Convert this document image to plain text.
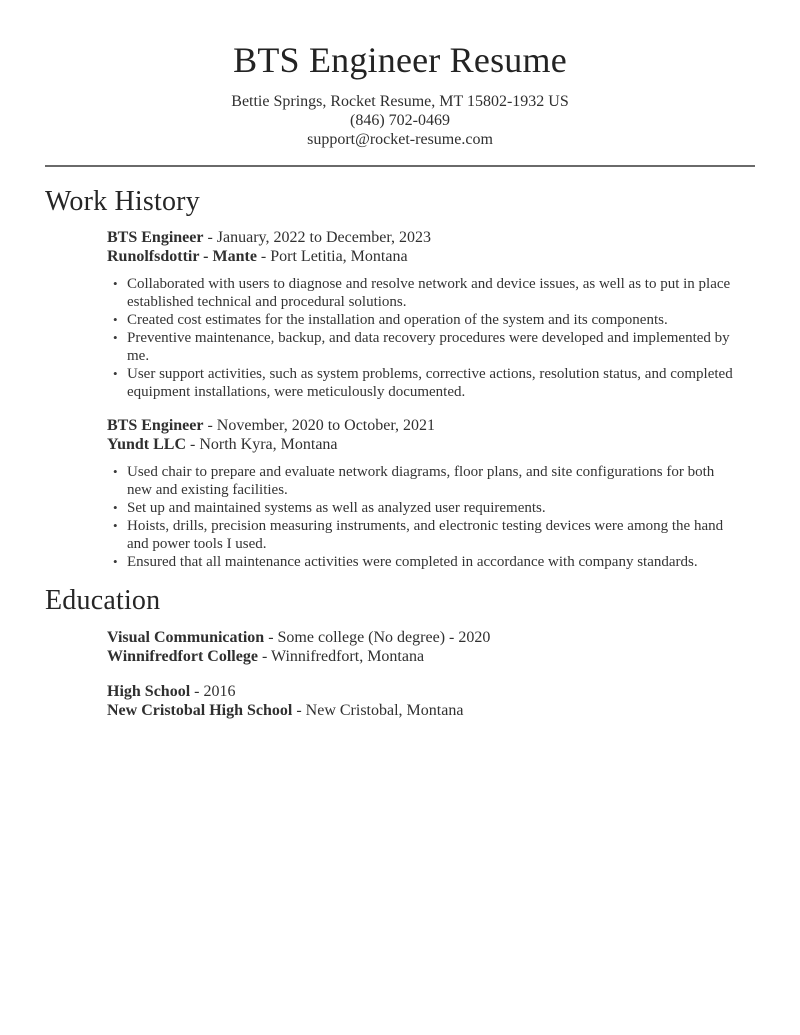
BTS Engineer Resume
Bettie Springs, Rocket Resume, MT 15802-1932 US
(846) 702-0469
support@rocket-resume.com
Work History
BTS Engineer - January, 2022 to December, 2023
Runolfsdottir - Mante - Port Letitia, Montana
• Collaborated with users to diagnose and resolve network and device issues, as well as to put in place established technical and procedural solutions.
• Created cost estimates for the installation and operation of the system and its components.
• Preventive maintenance, backup, and data recovery procedures were developed and implemented by me.
• User support activities, such as system problems, corrective actions, resolution status, and completed equipment installations, were meticulously documented.
BTS Engineer - November, 2020 to October, 2021
Yundt LLC - North Kyra, Montana
• Used chair to prepare and evaluate network diagrams, floor plans, and site configurations for both new and existing facilities.
• Set up and maintained systems as well as analyzed user requirements.
• Hoists, drills, precision measuring instruments, and electronic testing devices were among the hand and power tools I used.
• Ensured that all maintenance activities were completed in accordance with company standards.
Education
Visual Communication - Some college (No degree) - 2020
Winnifredfort College - Winnifredfort, Montana
High School - 2016
New Cristobal High School - New Cristobal, Montana
